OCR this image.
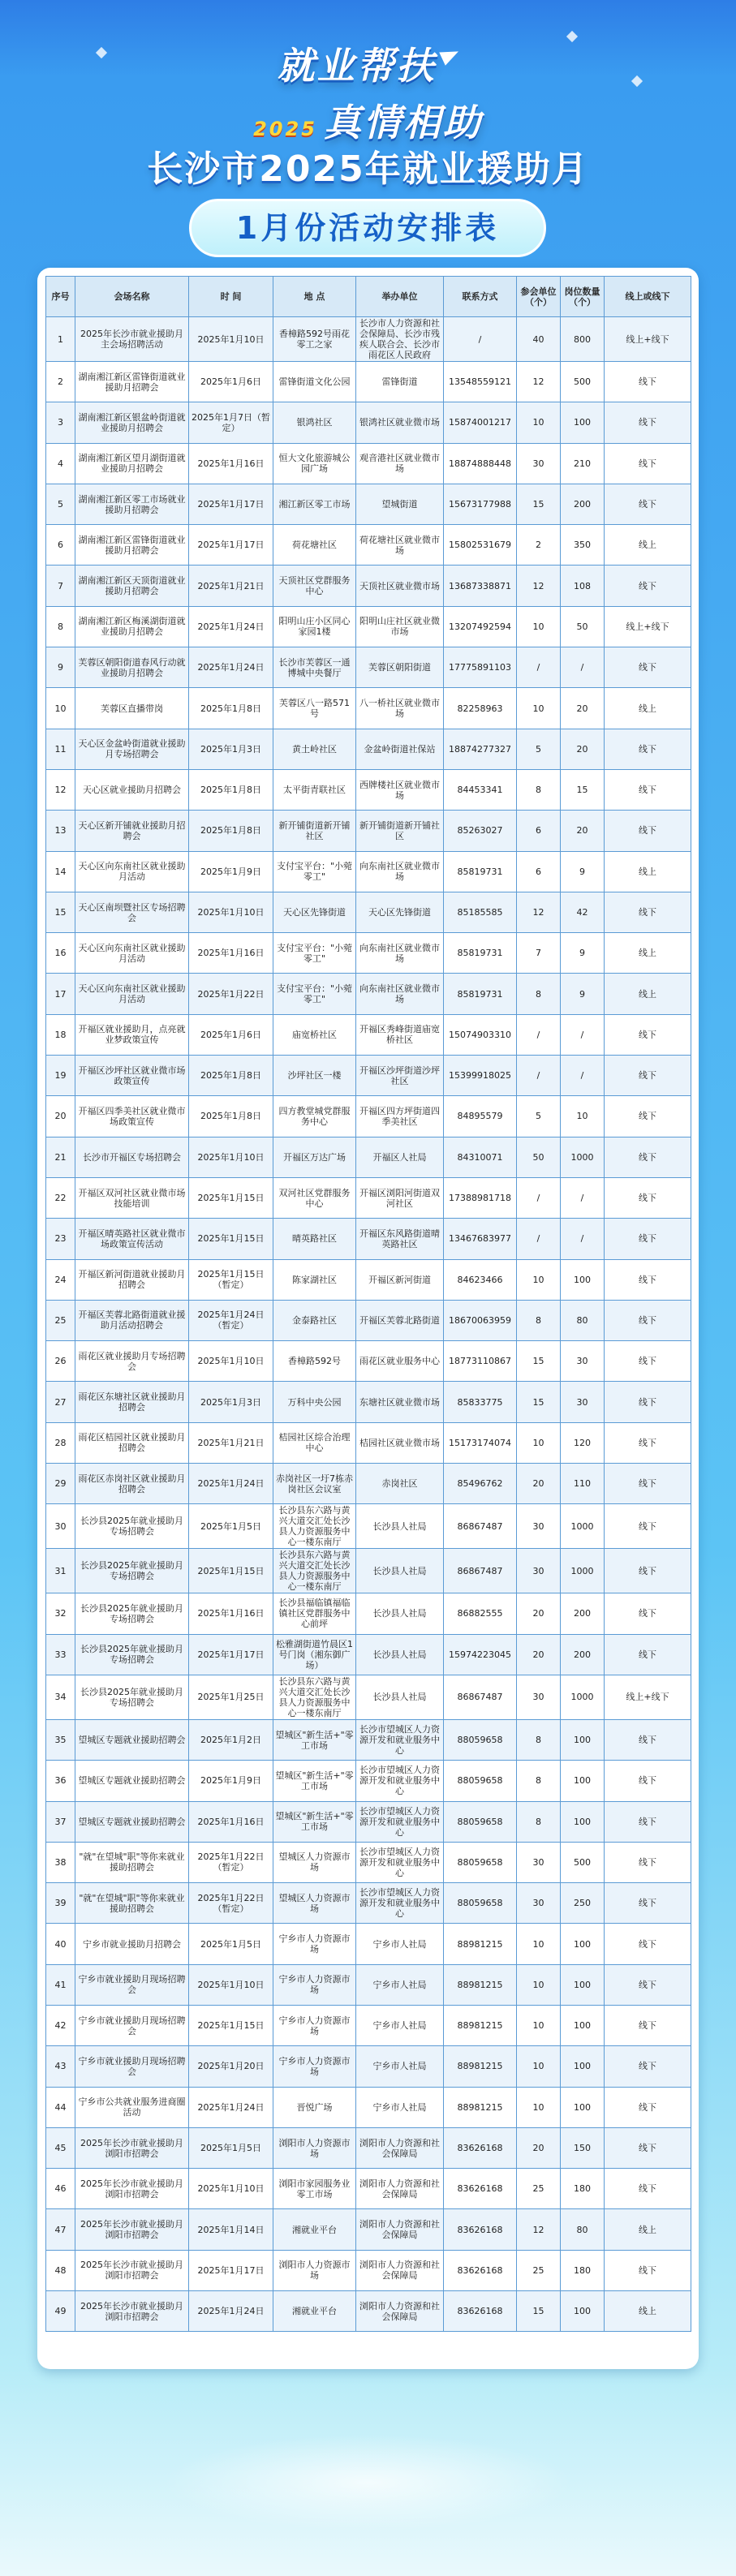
就业帮扶
2025 真情相助
长沙市2025年就业援助月
1月份活动安排表
序号	会场名称	时 间	地 点	举办单位	联系方式	参会单位（个）	岗位数量（个）	线上或线下
1	2025年长沙市就业援助月主会场招聘活动	2025年1月10日	香樟路592号雨花零工之家	长沙市人力资源和社会保障局、长沙市残疾人联合会、长沙市雨花区人民政府	/	40	800	线上+线下
2	湖南湘江新区雷锋街道就业援助月招聘会	2025年1月6日	雷锋街道文化公园	雷锋街道	13548559121	12	500	线下
3	湖南湘江新区银盆岭街道就业援助月招聘会	2025年1月7日（暂定）	银鸿社区	银鸿社区就业微市场	15874001217	10	100	线下
4	湖南湘江新区望月湖街道就业援助月招聘会	2025年1月16日	恒大文化旅游城公园广场	观音港社区就业微市场	18874888448	30	210	线下
5	湖南湘江新区零工市场就业援助月招聘会	2025年1月17日	湘江新区零工市场	望城街道	15673177988	15	200	线下
6	湖南湘江新区雷锋街道就业援助月招聘会	2025年1月17日	荷花塘社区	荷花塘社区就业微市场	15802531679	2	350	线上
7	湖南湘江新区天顶街道就业援助月招聘会	2025年1月21日	天顶社区党群服务中心	天顶社区就业微市场	13687338871	12	108	线下
8	湖南湘江新区梅溪湖街道就业援助月招聘会	2025年1月24日	阳明山庄小区同心家园1楼	阳明山庄社区就业微市场	13207492594	10	50	线上+线下
9	芙蓉区朝阳街道春风行动就业援助月招聘会	2025年1月24日	长沙市芙蓉区一通博城中央餐厅	芙蓉区朝阳街道	17775891103	/	/	线下
10	芙蓉区直播带岗	2025年1月8日	芙蓉区八一路571号	八一桥社区就业微市场	82258963	10	20	线上
11	天心区金盆岭街道就业援助月专场招聘会	2025年1月3日	黄土岭社区	金盆岭街道社保站	18874277327	5	20	线下
12	天心区就业援助月招聘会	2025年1月8日	太平街青联社区	西牌楼社区就业微市场	84453341	8	15	线下
13	天心区新开铺就业援助月招聘会	2025年1月8日	新开铺街道新开铺社区	新开铺街道新开铺社区	85263027	6	20	线下
14	天心区向东南社区就业援助月活动	2025年1月9日	支付宝平台："小菀零工"	向东南社区就业微市场	85819731	6	9	线上
15	天心区南坝暨社区专场招聘会	2025年1月10日	天心区先锋街道	天心区先锋街道	85185585	12	42	线下
16	天心区向东南社区就业援助月活动	2025年1月16日	支付宝平台："小菀零工"	向东南社区就业微市场	85819731	7	9	线上
17	天心区向东南社区就业援助月活动	2025年1月22日	支付宝平台："小菀零工"	向东南社区就业微市场	85819731	8	9	线上
18	开福区就业援助月，点亮就业梦政策宣传	2025年1月6日	庙宽桥社区	开福区秀峰街道庙宽桥社区	15074903310	/	/	线下
19	开福区沙坪社区就业微市场政策宣传	2025年1月8日	沙坪社区一楼	开福区沙坪街道沙坪社区	15399918025	/	/	线下
20	开福区四季美社区就业微市场政策宣传	2025年1月8日	四方教堂城党群服务中心	开福区四方坪街道四季美社区	84895579	5	10	线下
21	长沙市开福区专场招聘会	2025年1月10日	开福区万达广场	开福区人社局	84310071	50	1000	线下
22	开福区双河社区就业微市场技能培训	2025年1月15日	双河社区党群服务中心	开福区浏阳河街道双河社区	17388981718	/	/	线下
23	开福区晴英路社区就业微市场政策宣传活动	2025年1月15日	晴英路社区	开福区东风路街道晴英路社区	13467683977	/	/	线下
24	开福区新河街道就业援助月招聘会	2025年1月15日（暂定）	陈家湖社区	开福区新河街道	84623466	10	100	线下
25	开福区芙蓉北路街道就业援助月活动招聘会	2025年1月24日（暂定）	金泰路社区	开福区芙蓉北路街道	18670063959	8	80	线下
26	雨花区就业援助月专场招聘会	2025年1月10日	香樟路592号	雨花区就业服务中心	18773110867	15	30	线下
27	雨花区东塘社区就业援助月招聘会	2025年1月3日	万科中央公园	东塘社区就业微市场	85833775	15	30	线下
28	雨花区桔园社区就业援助月招聘会	2025年1月21日	桔园社区综合治理中心	桔园社区就业微市场	15173174074	10	120	线下
29	雨花区赤岗社区就业援助月招聘会	2025年1月24日	赤岗社区一圩7栋赤岗社区会议室	赤岗社区	85496762	20	110	线下
30	长沙县2025年就业援助月专场招聘会	2025年1月5日	长沙县东六路与黄兴大道交汇处长沙县人力资源服务中心一楼东南厅	长沙县人社局	86867487	30	1000	线下
31	长沙县2025年就业援助月专场招聘会	2025年1月15日	长沙县东六路与黄兴大道交汇处长沙县人力资源服务中心一楼东南厅	长沙县人社局	86867487	30	1000	线下
32	长沙县2025年就业援助月专场招聘会	2025年1月16日	长沙县福临镇福临镇社区党群服务中心前坪	长沙县人社局	86882555	20	200	线下
33	长沙县2025年就业援助月专场招聘会	2025年1月17日	松雅湖街道竹晨区1号门岗（湘东御广场）	长沙县人社局	15974223045	20	200	线下
34	长沙县2025年就业援助月专场招聘会	2025年1月25日	长沙县东六路与黄兴大道交汇处长沙县人力资源服务中心一楼东南厅	长沙县人社局	86867487	30	1000	线上+线下
35	望城区专题就业援助招聘会	2025年1月2日	望城区"新生活+"零工市场	长沙市望城区人力资源开发和就业服务中心	88059658	8	100	线下
36	望城区专题就业援助招聘会	2025年1月9日	望城区"新生活+"零工市场	长沙市望城区人力资源开发和就业服务中心	88059658	8	100	线下
37	望城区专题就业援助招聘会	2025年1月16日	望城区"新生活+"零工市场	长沙市望城区人力资源开发和就业服务中心	88059658	8	100	线下
38	"就"在望城"职"等你来就业援助招聘会	2025年1月22日（暂定）	望城区人力资源市场	长沙市望城区人力资源开发和就业服务中心	88059658	30	500	线下
39	"就"在望城"职"等你来就业援助招聘会	2025年1月22日（暂定）	望城区人力资源市场	长沙市望城区人力资源开发和就业服务中心	88059658	30	250	线下
40	宁乡市就业援助月招聘会	2025年1月5日	宁乡市人力资源市场	宁乡市人社局	88981215	10	100	线下
41	宁乡市就业援助月现场招聘会	2025年1月10日	宁乡市人力资源市场	宁乡市人社局	88981215	10	100	线下
42	宁乡市就业援助月现场招聘会	2025年1月15日	宁乡市人力资源市场	宁乡市人社局	88981215	10	100	线下
43	宁乡市就业援助月现场招聘会	2025年1月20日	宁乡市人力资源市场	宁乡市人社局	88981215	10	100	线下
44	宁乡市公共就业服务进商圈活动	2025年1月24日	晋悦广场	宁乡市人社局	88981215	10	100	线下
45	2025年长沙市就业援助月浏阳市招聘会	2025年1月5日	浏阳市人力资源市场	浏阳市人力资源和社会保障局	83626168	20	150	线下
46	2025年长沙市就业援助月浏阳市招聘会	2025年1月10日	浏阳市家园服务业零工市场	浏阳市人力资源和社会保障局	83626168	25	180	线下
47	2025年长沙市就业援助月浏阳市招聘会	2025年1月14日	湘就业平台	浏阳市人力资源和社会保障局	83626168	12	80	线上
48	2025年长沙市就业援助月浏阳市招聘会	2025年1月17日	浏阳市人力资源市场	浏阳市人力资源和社会保障局	83626168	25	180	线下
49	2025年长沙市就业援助月浏阳市招聘会	2025年1月24日	湘就业平台	浏阳市人力资源和社会保障局	83626168	15	100	线上
